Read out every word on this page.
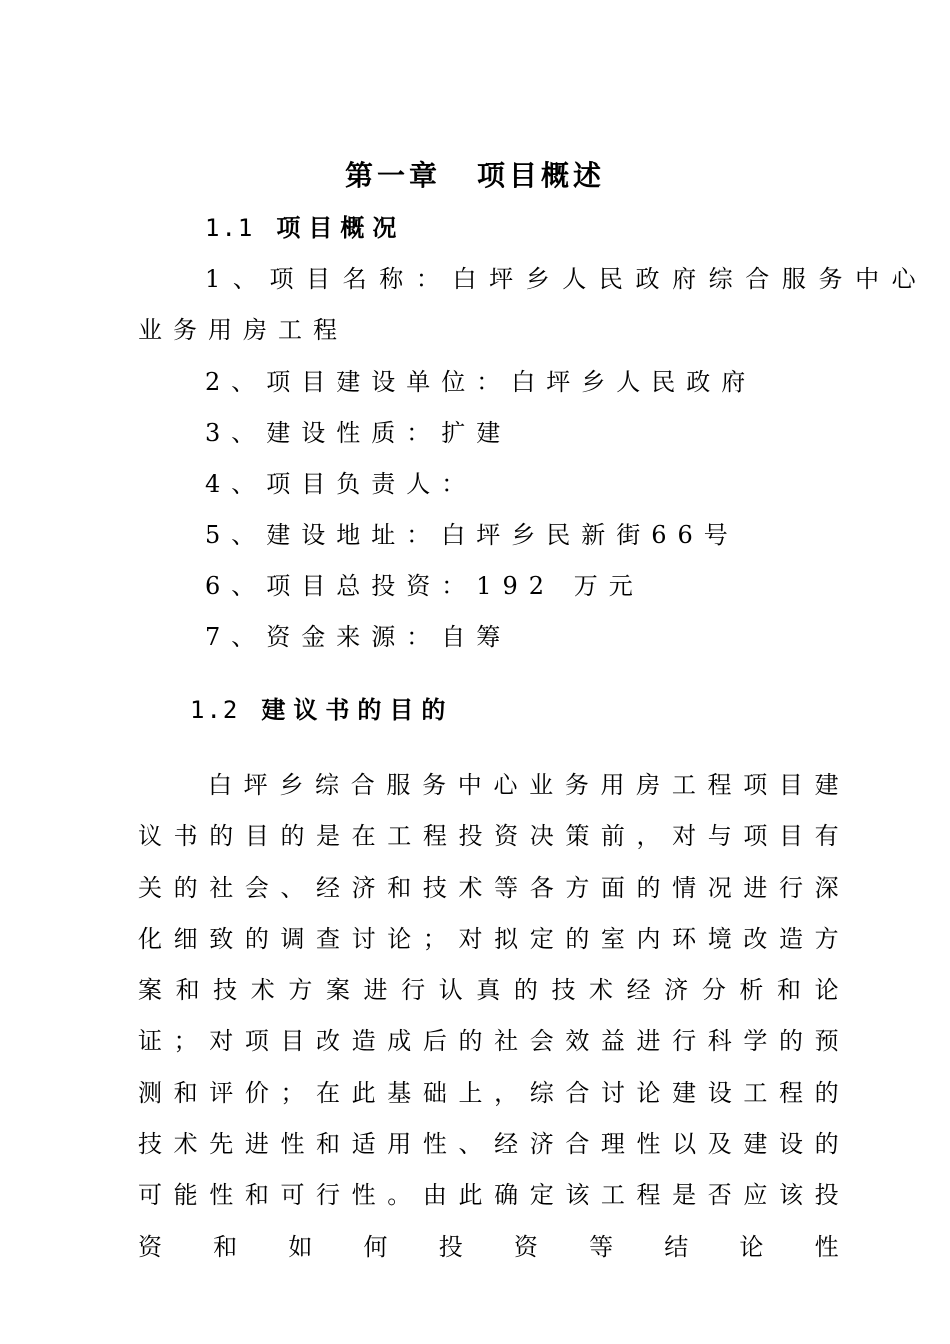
第一章 项目概述
1.1 项目概况
1、项目名称：白坪乡人民政府综合服务中心
业务用房工程
2、项目建设单位：白坪乡人民政府
3、建设性质：扩建
4、项目负责人：
5、建设地址：白坪乡民新街66号
6、项目总投资：192 万元
7、资金来源：自筹
1.2 建议书的目的

白坪乡综合服务中心业务用房工程项目建议书的目的是在工程投资决策前，对与项目有关的社会、经济和技术等各方面的情况进行深化细致的调查讨论；对拟定的室内环境改造方案和技术方案进行认真的技术经济分析和论证；对项目改造成后的社会效益进行科学的预测和评价；在此基础上，综合讨论建设工程的技术先进性和适用性、经济合理性以及建设的可能性和可行性。由此确定该工程是否应该投资和如何投资等结论性
